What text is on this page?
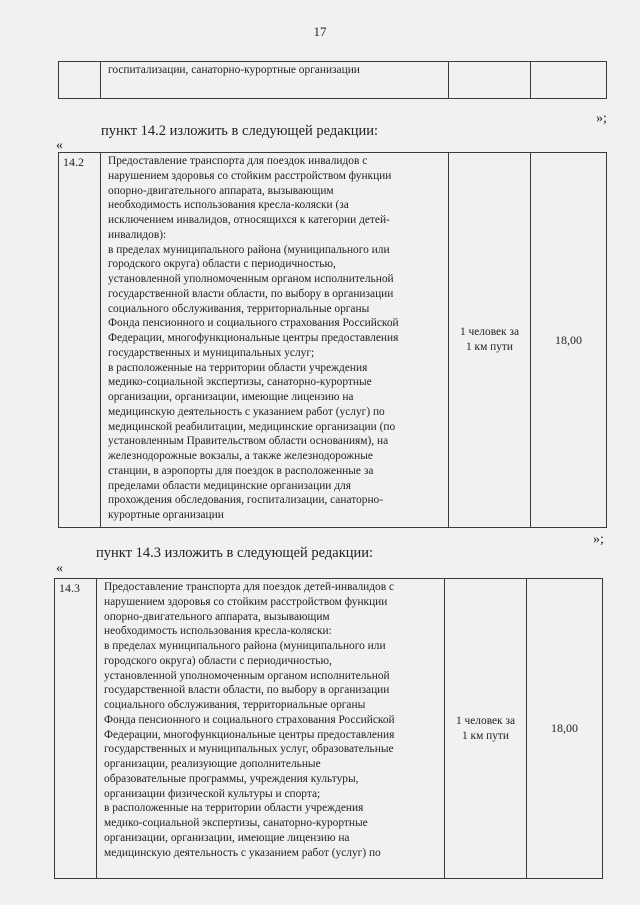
17
	госпитализации, санаторно-курортные организации		
»;
пункт 14.2 изложить в следующей редакции:
«
14.2	Предоставление транспорта для поездок инвалидов с
нарушением здоровья со стойким расстройством функции
опорно-двигательного аппарата, вызывающим
необходимость использования кресла-коляски (за
исключением инвалидов, относящихся к категории детей-
инвалидов):
в пределах муниципального района (муниципального или
городского округа) области с периодичностью,
установленной уполномоченным органом исполнительной
государственной власти области, по выбору в организации
социального обслуживания, территориальные органы
Фонда пенсионного и социального страхования Российской
Федерации, многофункциональные центры предоставления
государственных и муниципальных услуг;
в расположенные на территории области учреждения
медико-социальной экспертизы, санаторно-курортные
организации, организации, имеющие лицензию на
медицинскую деятельность с указанием работ (услуг) по
медицинской реабилитации, медицинские организации (по
установленным Правительством области основаниям), на
железнодорожные вокзалы, а также железнодорожные
станции, в аэропорты для поездок в расположенные за
пределами области медицинские организации для
прохождения обследования, госпитализации, санаторно-
курортные организации	1 человек за
1 км пути	18,00
»;
пункт 14.3 изложить в следующей редакции:
«
14.3	Предоставление транспорта для поездок детей-инвалидов с
нарушением здоровья со стойким расстройством функции
опорно-двигательного аппарата, вызывающим
необходимость использования кресла-коляски:
в пределах муниципального района (муниципального или
городского округа) области с периодичностью,
установленной уполномоченным органом исполнительной
государственной власти области, по выбору в организации
социального обслуживания, территориальные органы
Фонда пенсионного и социального страхования Российской
Федерации, многофункциональные центры предоставления
государственных и муниципальных услуг, образовательные
организации, реализующие дополнительные
образовательные программы, учреждения культуры,
организации физической культуры и спорта;
в расположенные на территории области учреждения
медико-социальной экспертизы, санаторно-курортные
организации, организации, имеющие лицензию на
медицинскую деятельность с указанием работ (услуг) по	1 человек за
1 км пути	18,00
